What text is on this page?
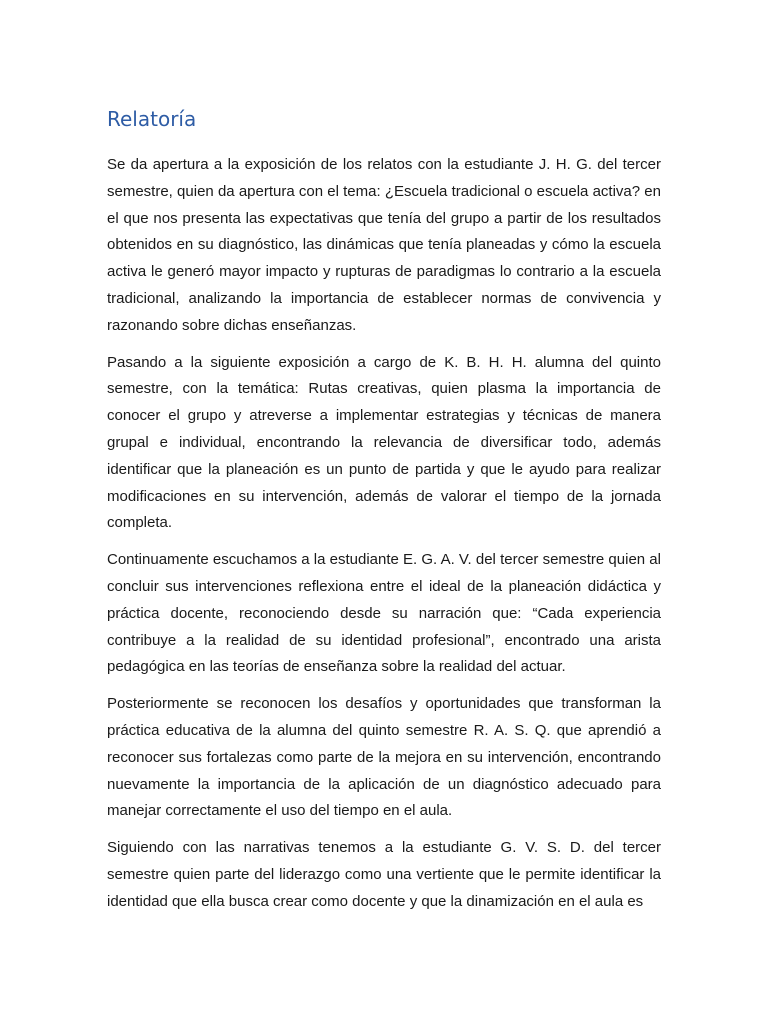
Relatoría

Se da apertura a la exposición de los relatos con la estudiante J. H. G. del tercer semestre, quien da apertura con el tema: ¿Escuela tradicional o escuela activa? en el que nos presenta las expectativas que tenía del grupo a partir de los resultados obtenidos en su diagnóstico, las dinámicas que tenía planeadas y cómo la escuela activa le generó mayor impacto y rupturas de paradigmas lo contrario a la escuela tradicional, analizando la importancia de establecer normas de convivencia y razonando sobre dichas enseñanzas.

Pasando a la siguiente exposición a cargo de K. B. H. H. alumna del quinto semestre, con la temática: Rutas creativas, quien plasma la importancia de conocer el grupo y atreverse a implementar estrategias y técnicas de manera grupal e individual, encontrando la relevancia de diversificar todo, además identificar que la planeación es un punto de partida y que le ayudo para realizar modificaciones en su intervención, además de valorar el tiempo de la jornada completa.

Continuamente escuchamos a la estudiante E. G. A. V. del tercer semestre quien al concluir sus intervenciones reflexiona entre el ideal de la planeación didáctica y práctica docente, reconociendo desde su narración que: “Cada experiencia contribuye a la realidad de su identidad profesional”, encontrado una arista pedagógica en las teorías de enseñanza sobre la realidad del actuar.

Posteriormente se reconocen los desafíos y oportunidades que transforman la práctica educativa de la alumna del quinto semestre R. A. S. Q. que aprendió a reconocer sus fortalezas como parte de la mejora en su intervención, encontrando nuevamente la importancia de la aplicación de un diagnóstico adecuado para manejar correctamente el uso del tiempo en el aula.

Siguiendo con las narrativas tenemos a la estudiante G. V. S. D. del tercer semestre quien parte del liderazgo como una vertiente que le permite identificar la identidad que ella busca crear como docente y que la dinamización en el aula es
